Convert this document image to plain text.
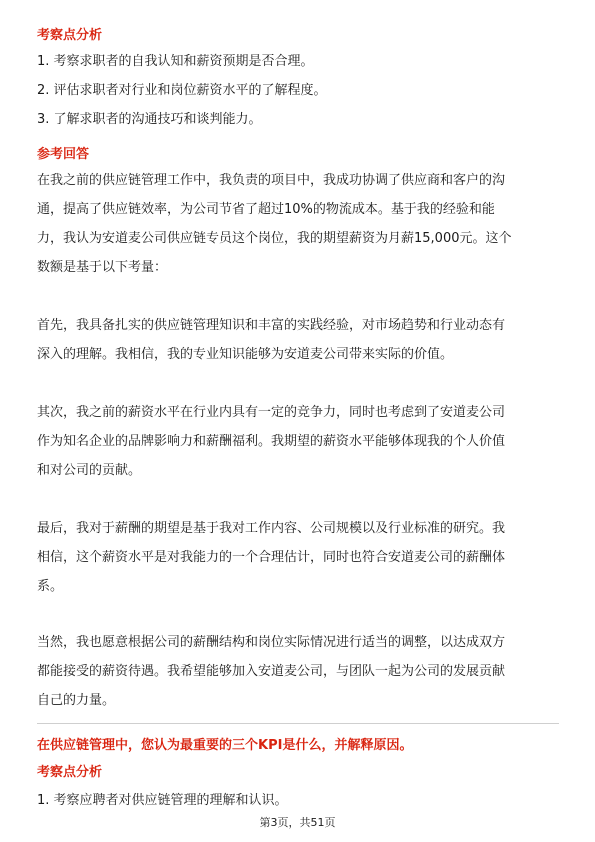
考察点分析
1. 考察求职者的自我认知和薪资预期是否合理。
2. 评估求职者对行业和岗位薪资水平的了解程度。
3. 了解求职者的沟通技巧和谈判能力。
参考回答
在我之前的供应链管理工作中，我负责的项目中，我成功协调了供应商和客户的沟
通，提高了供应链效率，为公司节省了超过10%的物流成本。基于我的经验和能
力，我认为安道麦公司供应链专员这个岗位，我的期望薪资为月薪15,000元。这个
数额是基于以下考量：
首先，我具备扎实的供应链管理知识和丰富的实践经验，对市场趋势和行业动态有
深入的理解。我相信，我的专业知识能够为安道麦公司带来实际的价值。
其次，我之前的薪资水平在行业内具有一定的竞争力，同时也考虑到了安道麦公司
作为知名企业的品牌影响力和薪酬福利。我期望的薪资水平能够体现我的个人价值
和对公司的贡献。
最后，我对于薪酬的期望是基于我对工作内容、公司规模以及行业标准的研究。我
相信，这个薪资水平是对我能力的一个合理估计，同时也符合安道麦公司的薪酬体
系。
当然，我也愿意根据公司的薪酬结构和岗位实际情况进行适当的调整，以达成双方
都能接受的薪资待遇。我希望能够加入安道麦公司，与团队一起为公司的发展贡献
自己的力量。
在供应链管理中，您认为最重要的三个KPI是什么，并解释原因。
考察点分析
1. 考察应聘者对供应链管理的理解和认识。
第3页，共51页
